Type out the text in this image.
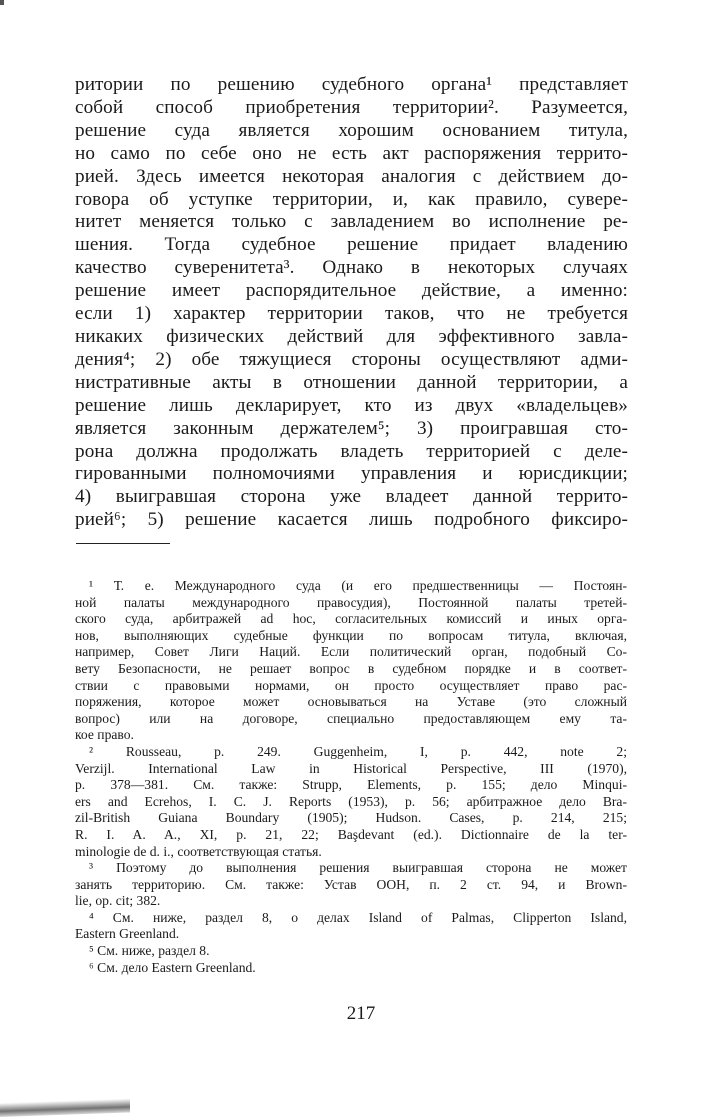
ритории по решению судебного органа¹ представляет
собой способ приобретения территории². Разумеется,
решение суда является хорошим основанием титула,
но само по себе оно не есть акт распоряжения террито-
рией. Здесь имеется некоторая аналогия с действием до-
говора об уступке территории, и, как правило, сувере-
нитет меняется только с завладением во исполнение ре-
шения. Тогда судебное решение придает владению
качество суверенитета³. Однако в некоторых случаях
решение имеет распорядительное действие, а именно:
если 1) характер территории таков, что не требуется
никаких физических действий для эффективного завла-
дения⁴; 2) обе тяжущиеся стороны осуществляют адми-
нистративные акты в отношении данной территории, а
решение лишь декларирует, кто из двух «владельцев»
является законным держателем⁵; 3) проигравшая сто-
рона должна продолжать владеть территорией с деле-
гированными полномочиями управления и юрисдикции;
4) выигравшая сторона уже владеет данной террито-
рией⁶; 5) решение касается лишь подробного фиксиро-
¹ Т. е. Международного суда (и его предшественницы — Постоян-
ной палаты международного правосудия), Постоянной палаты третей-
ского суда, арбитражей ad hoc, согласительных комиссий и иных орга-
нов, выполняющих судебные функции по вопросам титула, включая,
например, Совет Лиги Наций. Если политический орган, подобный Со-
вету Безопасности, не решает вопрос в судебном порядке и в соответ-
ствии с правовыми нормами, он просто осуществляет право рас-
поряжения, которое может основываться на Уставе (это сложный
вопрос) или на договоре, специально предоставляющем ему та-
кое право.
² Rousseau, p. 249. Guggenheim, I, p. 442, note 2;
Verzijl. International Law in Historical Perspective, III (1970),
p. 378—381. См. также: Strupp, Elements, p. 155; дело Minqui-
ers and Ecrehos, I. C. J. Reports (1953), p. 56; арбитражное дело Bra-
zil-British Guiana Boundary (1905); Hudson. Cases, p. 214, 215;
R. I. A. A., XI, p. 21, 22; Başdevant (ed.). Dictionnaire de la ter-
minologie de d. i., соответствующая статья.
³ Поэтому до выполнения решения выигравшая сторона не может
занять территорию. См. также: Устав ООН, п. 2 ст. 94, и Brown-
lie, op. cit; 382.
⁴ См. ниже, раздел 8, о делах Island of Palmas, Clipperton Island,
Eastern Greenland.
⁵ См. ниже, раздел 8.
⁶ См. дело Eastern Greenland.
217
